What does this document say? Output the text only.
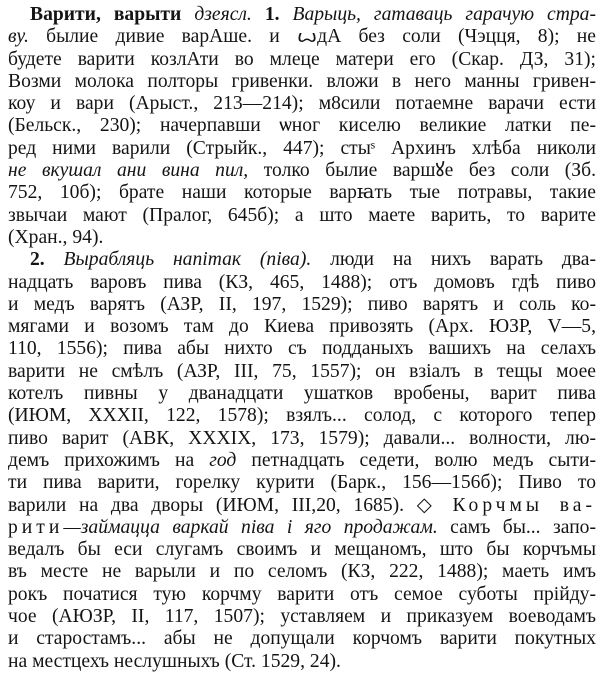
Варити, варыти дзеясл. 1. Варыць, гатаваць гарачую стра-
ву. былие дивие варАше. и ꙍдА без соли (Чэцця, 8); не
будете варити козлАти во млеце матери его (Скар. ДЗ, 31);
Возми молока полторы гривенки. вложи в него манны гривен-
коу и вари (Арыст., 213—214); м8сили потаемне варачи ести
(Бельск., 230); начерпавши ѡног киселю великие латки пе-
ред ними варили (Стрыйк., 447); стыˢ Архинъ хлѣба николи
не вкушал ани вина пил, толко былие варшꙋе без соли (Зб.
752, 10б); брате наши которые варꙗть тые потравы, такие
звычаи мают (Пралог, 645б); а што маете варить, то варите
(Хран., 94).
2. Вырабляць напітак (піва). люди на нихъ варать два-
надцать варовъ пива (КЗ, 465, 1488); отъ домовъ гдѣ пиво
и медъ варятъ (АЗР, II, 197, 1529); пиво варятъ и соль ко-
мягами и возомъ там до Киева привозять (Арх. ЮЗР, V—5,
110, 1556); пива абы нихто съ подданыхъ вашихъ на селахъ
варити не смѣлъ (АЗР, III, 75, 1557); он взіалъ в тещы моее
котелъ пивны у дванадцати ушатков вробены, варит пива
(ИЮМ, XXXII, 122, 1578); взялъ... солод, с которого тепер
пиво варит (АВК, XXXIX, 173, 1579); давали... волности, лю-
демъ прихожимъ на год петнадцать седети, волю медъ сыти-
ти пива варити, горелку курити (Барк., 156—156б); Пиво то
варили на два дворы (ИЮМ, III,20, 1685). ◇ Корчмы ва-
рити—займацца варкай піва і яго продажам. самъ бы... запо-
ведалъ бы еси слугамъ своимъ и мещаномъ, што бы корчъмы
въ месте не варыли и по селомъ (КЗ, 222, 1488); маеть имъ
рокъ початися тую корчму варити отъ семое суботы прійду-
чое (АЮЗР, II, 117, 1507); уставляем и приказуем воеводамъ
и старостамъ... абы не допущали корчомъ варити покутных
на местцехъ неслушныхъ (Ст. 1529, 24).
